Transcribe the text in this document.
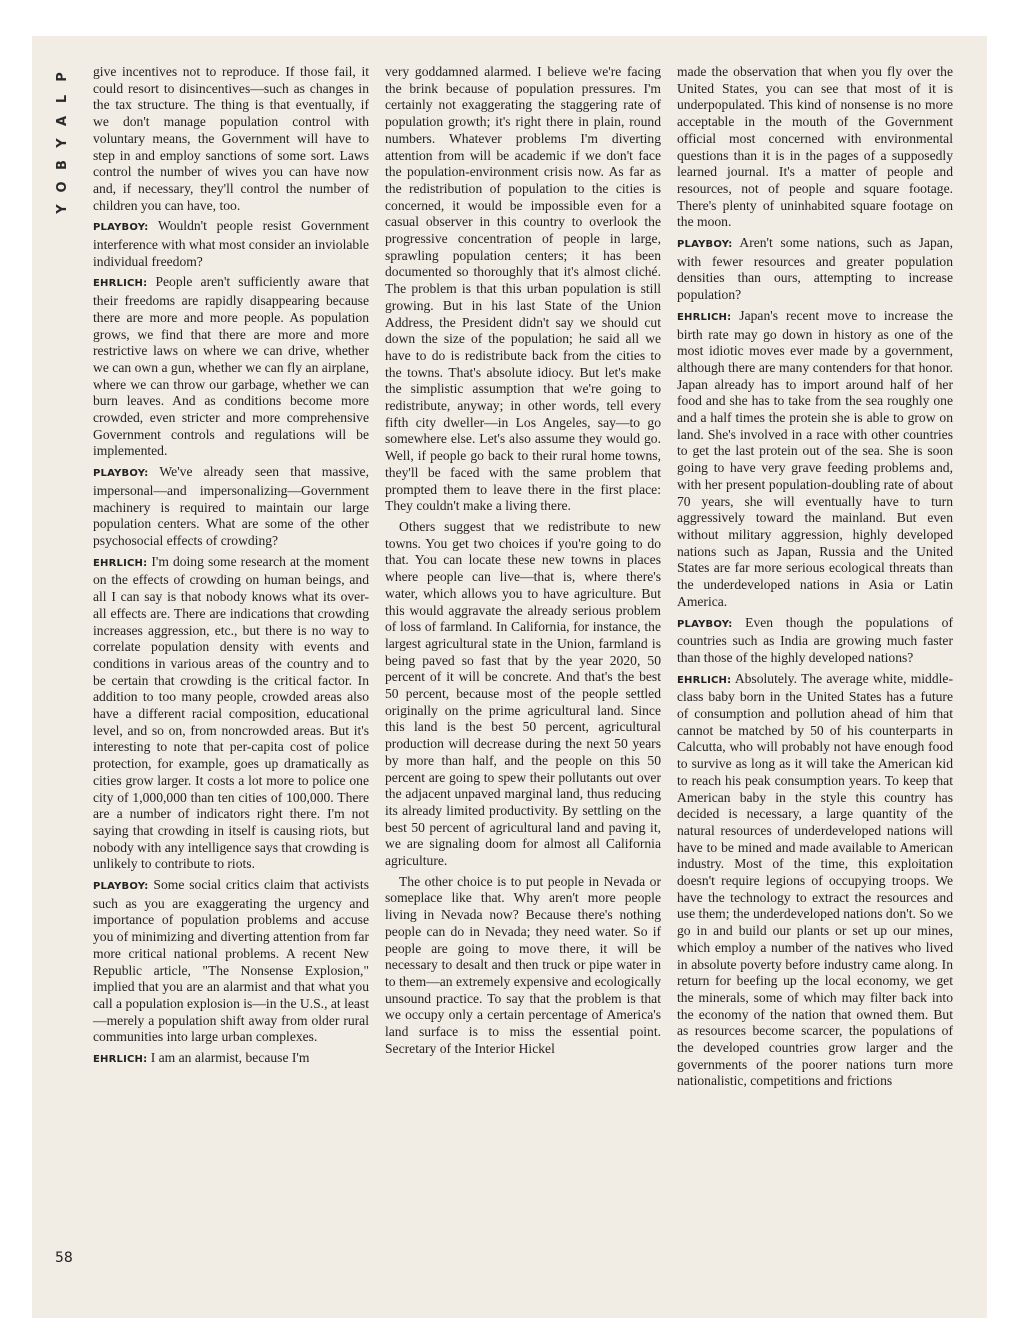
P
L
A
Y
B
O
Y
58

give incentives not to reproduce. If those fail, it could resort to disincentives—such as changes in the tax structure. The thing is that eventually, if we don't manage population control with voluntary means, the Government will have to step in and employ sanctions of some sort. Laws control the number of wives you can have now and, if necessary, they'll control the number of children you can have, too.

PLAYBOY: Wouldn't people resist Government interference with what most consider an inviolable individual freedom?

EHRLICH: People aren't sufficiently aware that their freedoms are rapidly disappearing because there are more and more people. As population grows, we find that there are more and more restrictive laws on where we can drive, whether we can own a gun, whether we can fly an airplane, where we can throw our garbage, whether we can burn leaves. And as conditions become more crowded, even stricter and more comprehensive Government controls and regulations will be implemented.

PLAYBOY: We've already seen that massive, impersonal—and impersonalizing—Government machinery is required to maintain our large population centers. What are some of the other psychosocial effects of crowding?

EHRLICH: I'm doing some research at the moment on the effects of crowding on human beings, and all I can say is that nobody knows what its over-all effects are. There are indications that crowding increases aggression, etc., but there is no way to correlate population density with events and conditions in various areas of the country and to be certain that crowding is the critical factor. In addition to too many people, crowded areas also have a different racial composition, educational level, and so on, from noncrowded areas. But it's interesting to note that per-capita cost of police protection, for example, goes up dramatically as cities grow larger. It costs a lot more to police one city of 1,000,000 than ten cities of 100,000. There are a number of indicators right there. I'm not saying that crowding in itself is causing riots, but nobody with any intelligence says that crowding is unlikely to contribute to riots.

PLAYBOY: Some social critics claim that activists such as you are exaggerating the urgency and importance of population problems and accuse you of minimizing and diverting attention from far more critical national problems. A recent New Republic article, "The Nonsense Explosion," implied that you are an alarmist and that what you call a population explosion is—in the U.S., at least—merely a population shift away from older rural communities into large urban complexes.

EHRLICH: I am an alarmist, because I'm

very goddamned alarmed. I believe we're facing the brink because of population pressures. I'm certainly not exaggerating the staggering rate of population growth; it's right there in plain, round numbers. Whatever problems I'm diverting attention from will be academic if we don't face the population-environment crisis now. As far as the redistribution of population to the cities is concerned, it would be impossible even for a casual observer in this country to overlook the progressive concentration of people in large, sprawling population centers; it has been documented so thoroughly that it's almost cliché. The problem is that this urban population is still growing. But in his last State of the Union Address, the President didn't say we should cut down the size of the population; he said all we have to do is redistribute back from the cities to the towns. That's absolute idiocy. But let's make the simplistic assumption that we're going to redistribute, anyway; in other words, tell every fifth city dweller—in Los Angeles, say—to go somewhere else. Let's also assume they would go. Well, if people go back to their rural home towns, they'll be faced with the same problem that prompted them to leave there in the first place: They couldn't make a living there.

Others suggest that we redistribute to new towns. You get two choices if you're going to do that. You can locate these new towns in places where people can live—that is, where there's water, which allows you to have agriculture. But this would aggravate the already serious problem of loss of farmland. In California, for instance, the largest agricultural state in the Union, farmland is being paved so fast that by the year 2020, 50 percent of it will be concrete. And that's the best 50 percent, because most of the people settled originally on the prime agricultural land. Since this land is the best 50 percent, agricultural production will decrease during the next 50 years by more than half, and the people on this 50 percent are going to spew their pollutants out over the adjacent unpaved marginal land, thus reducing its already limited productivity. By settling on the best 50 percent of agricultural land and paving it, we are signaling doom for almost all California agriculture.

The other choice is to put people in Nevada or someplace like that. Why aren't more people living in Nevada now? Because there's nothing people can do in Nevada; they need water. So if people are going to move there, it will be necessary to desalt and then truck or pipe water in to them—an extremely expensive and ecologically unsound practice. To say that the problem is that we occupy only a certain percentage of America's land surface is to miss the essential point. Secretary of the Interior Hickel

made the observation that when you fly over the United States, you can see that most of it is underpopulated. This kind of nonsense is no more acceptable in the mouth of the Government official most concerned with environmental questions than it is in the pages of a supposedly learned journal. It's a matter of people and resources, not of people and square footage. There's plenty of uninhabited square footage on the moon.

PLAYBOY: Aren't some nations, such as Japan, with fewer resources and greater population densities than ours, attempting to increase population?

EHRLICH: Japan's recent move to increase the birth rate may go down in history as one of the most idiotic moves ever made by a government, although there are many contenders for that honor. Japan already has to import around half of her food and she has to take from the sea roughly one and a half times the protein she is able to grow on land. She's involved in a race with other countries to get the last protein out of the sea. She is soon going to have very grave feeding problems and, with her present population-doubling rate of about 70 years, she will eventually have to turn aggressively toward the mainland. But even without military aggression, highly developed nations such as Japan, Russia and the United States are far more serious ecological threats than the underdeveloped nations in Asia or Latin America.

PLAYBOY: Even though the populations of countries such as India are growing much faster than those of the highly developed nations?

EHRLICH: Absolutely. The average white, middle-class baby born in the United States has a future of consumption and pollution ahead of him that cannot be matched by 50 of his counterparts in Calcutta, who will probably not have enough food to survive as long as it will take the American kid to reach his peak consumption years. To keep that American baby in the style this country has decided is necessary, a large quantity of the natural resources of underdeveloped nations will have to be mined and made available to American industry. Most of the time, this exploitation doesn't require legions of occupying troops. We have the technology to extract the resources and use them; the underdeveloped nations don't. So we go in and build our plants or set up our mines, which employ a number of the natives who lived in absolute poverty before industry came along. In return for beefing up the local economy, we get the minerals, some of which may filter back into the economy of the nation that owned them. But as resources become scarcer, the populations of the developed countries grow larger and the governments of the poorer nations turn more nationalistic, competitions and frictions
